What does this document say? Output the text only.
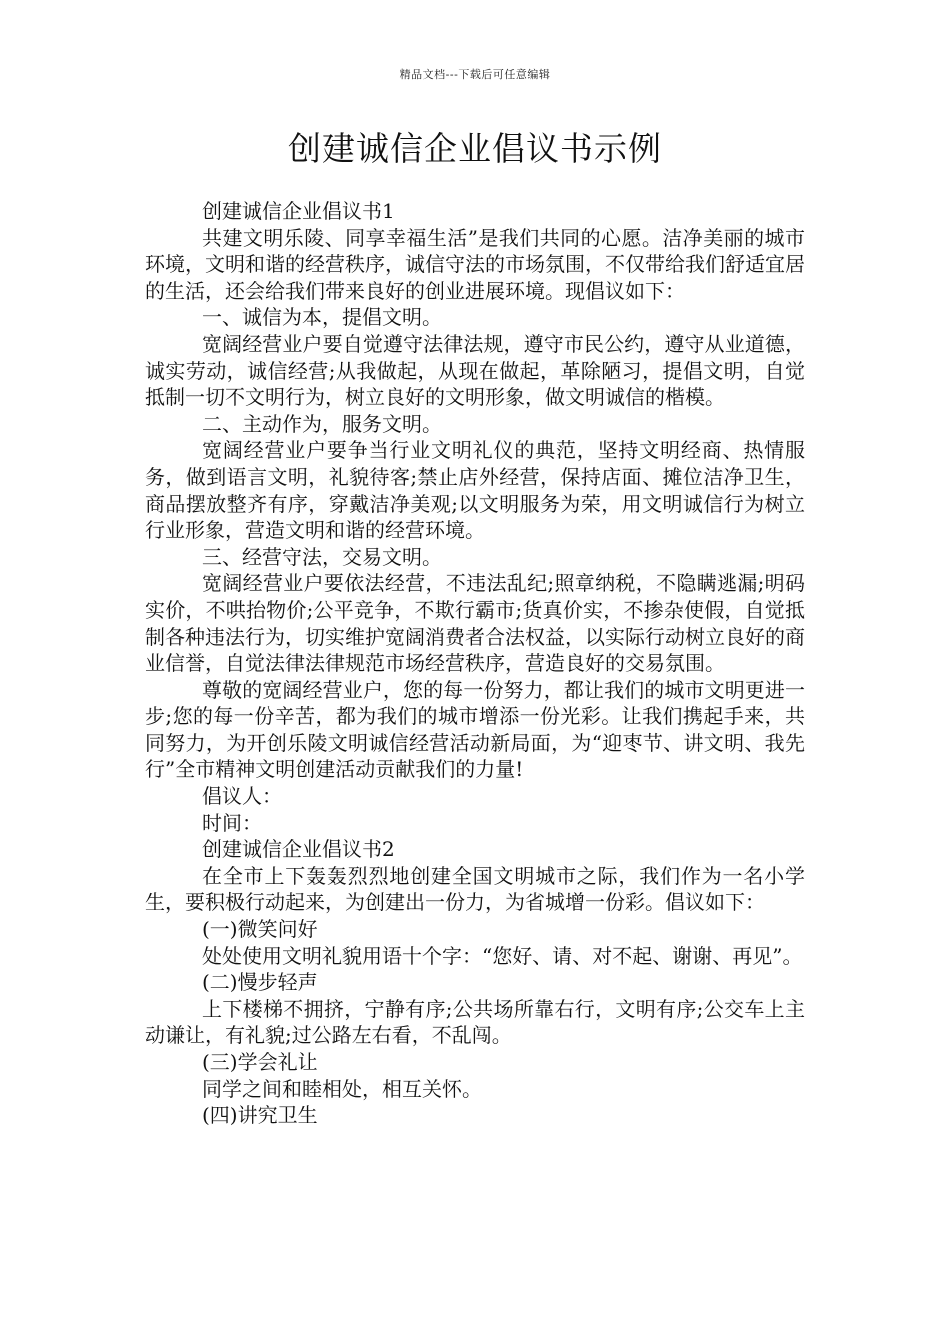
精品文档---下载后可任意编辑
创建诚信企业倡议书示例

创建诚信企业倡议书1

共建文明乐陵、同享幸福生活”是我们共同的心愿。洁净美丽的城市环境，文明和谐的经营秩序，诚信守法的市场氛围，不仅带给我们舒适宜居的生活，还会给我们带来良好的创业进展环境。现倡议如下：

一、诚信为本，提倡文明。

宽阔经营业户要自觉遵守法律法规，遵守市民公约，遵守从业道德，诚实劳动，诚信经营;从我做起，从现在做起，革除陋习，提倡文明，自觉抵制一切不文明行为，树立良好的文明形象，做文明诚信的楷模。

二、主动作为，服务文明。

宽阔经营业户要争当行业文明礼仪的典范，坚持文明经商、热情服务，做到语言文明，礼貌待客;禁止店外经营，保持店面、摊位洁净卫生，商品摆放整齐有序，穿戴洁净美观;以文明服务为荣，用文明诚信行为树立行业形象，营造文明和谐的经营环境。

三、经营守法，交易文明。

宽阔经营业户要依法经营，不违法乱纪;照章纳税，不隐瞒逃漏;明码实价，不哄抬物价;公平竞争，不欺行霸市;货真价实，不掺杂使假，自觉抵制各种违法行为，切实维护宽阔消费者合法权益，以实际行动树立良好的商业信誉，自觉法律法律规范市场经营秩序，营造良好的交易氛围。

尊敬的宽阔经营业户，您的每一份努力，都让我们的城市文明更进一步;您的每一份辛苦，都为我们的城市增添一份光彩。让我们携起手来，共同努力，为开创乐陵文明诚信经营活动新局面，为“迎枣节、讲文明、我先行”全市精神文明创建活动贡献我们的力量!

倡议人：

时间：

创建诚信企业倡议书2

在全市上下轰轰烈烈地创建全国文明城市之际，我们作为一名小学生，要积极行动起来，为创建出一份力，为省城增一份彩。倡议如下：

(一)微笑问好

处处使用文明礼貌用语十个字：“您好、请、对不起、谢谢、再见”。

(二)慢步轻声

上下楼梯不拥挤，宁静有序;公共场所靠右行，文明有序;公交车上主动谦让，有礼貌;过公路左右看，不乱闯。

(三)学会礼让

同学之间和睦相处，相互关怀。

(四)讲究卫生
